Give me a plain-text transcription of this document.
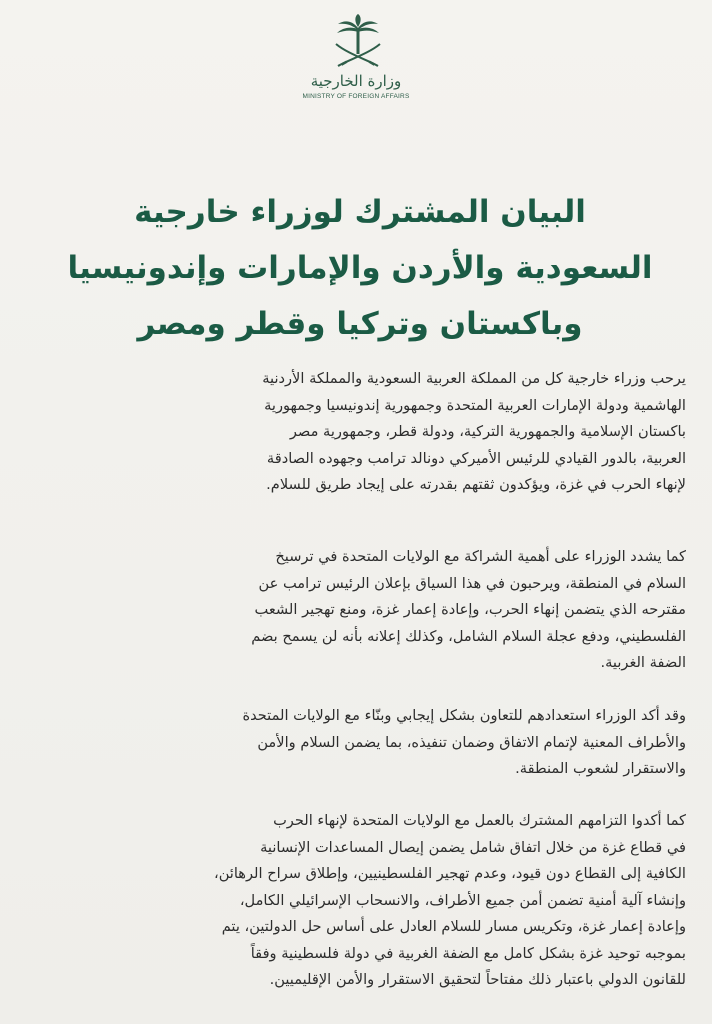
وزارة الخارجية
MINISTRY OF FOREIGN AFFAIRS
البيان المشترك لوزراء خارجية
السعودية والأردن والإمارات وإندونيسيا
وباكستان وتركيا وقطر ومصر
يرحب وزراء خارجية كل من المملكة العربية السعودية والمملكة الأردنية
الهاشمية ودولة الإمارات العربية المتحدة وجمهورية إندونيسيا وجمهورية
باكستان الإسلامية والجمهورية التركية، ودولة قطر، وجمهورية مصر
العربية، بالدور القيادي للرئيس الأميركي دونالد ترامب وجهوده الصادقة
لإنهاء الحرب في غزة، ويؤكدون ثقتهم بقدرته على إيجاد طريق للسلام.
كما يشدد الوزراء على أهمية الشراكة مع الولايات المتحدة في ترسيخ
السلام في المنطقة، ويرحبون في هذا السياق بإعلان الرئيس ترامب عن
مقترحه الذي يتضمن إنهاء الحرب، وإعادة إعمار غزة، ومنع تهجير الشعب
الفلسطيني، ودفع عجلة السلام الشامل، وكذلك إعلانه بأنه لن يسمح بضم
الضفة الغربية.
وقد أكد الوزراء استعدادهم للتعاون بشكل إيجابي وبنّاء مع الولايات المتحدة
والأطراف المعنية لإتمام الاتفاق وضمان تنفيذه، بما يضمن السلام والأمن
والاستقرار لشعوب المنطقة.
كما أكدوا التزامهم المشترك بالعمل مع الولايات المتحدة لإنهاء الحرب
في قطاع غزة من خلال اتفاق شامل يضمن إيصال المساعدات الإنسانية
الكافية إلى القطاع دون قيود، وعدم تهجير الفلسطينيين، وإطلاق سراح الرهائن،
وإنشاء آلية أمنية تضمن أمن جميع الأطراف، والانسحاب الإسرائيلي الكامل،
وإعادة إعمار غزة، وتكريس مسار للسلام العادل على أساس حل الدولتين، يتم
بموجبه توحيد غزة بشكل كامل مع الضفة الغربية في دولة فلسطينية وفقاً
للقانون الدولي باعتبار ذلك مفتاحاً لتحقيق الاستقرار والأمن الإقليميين.
